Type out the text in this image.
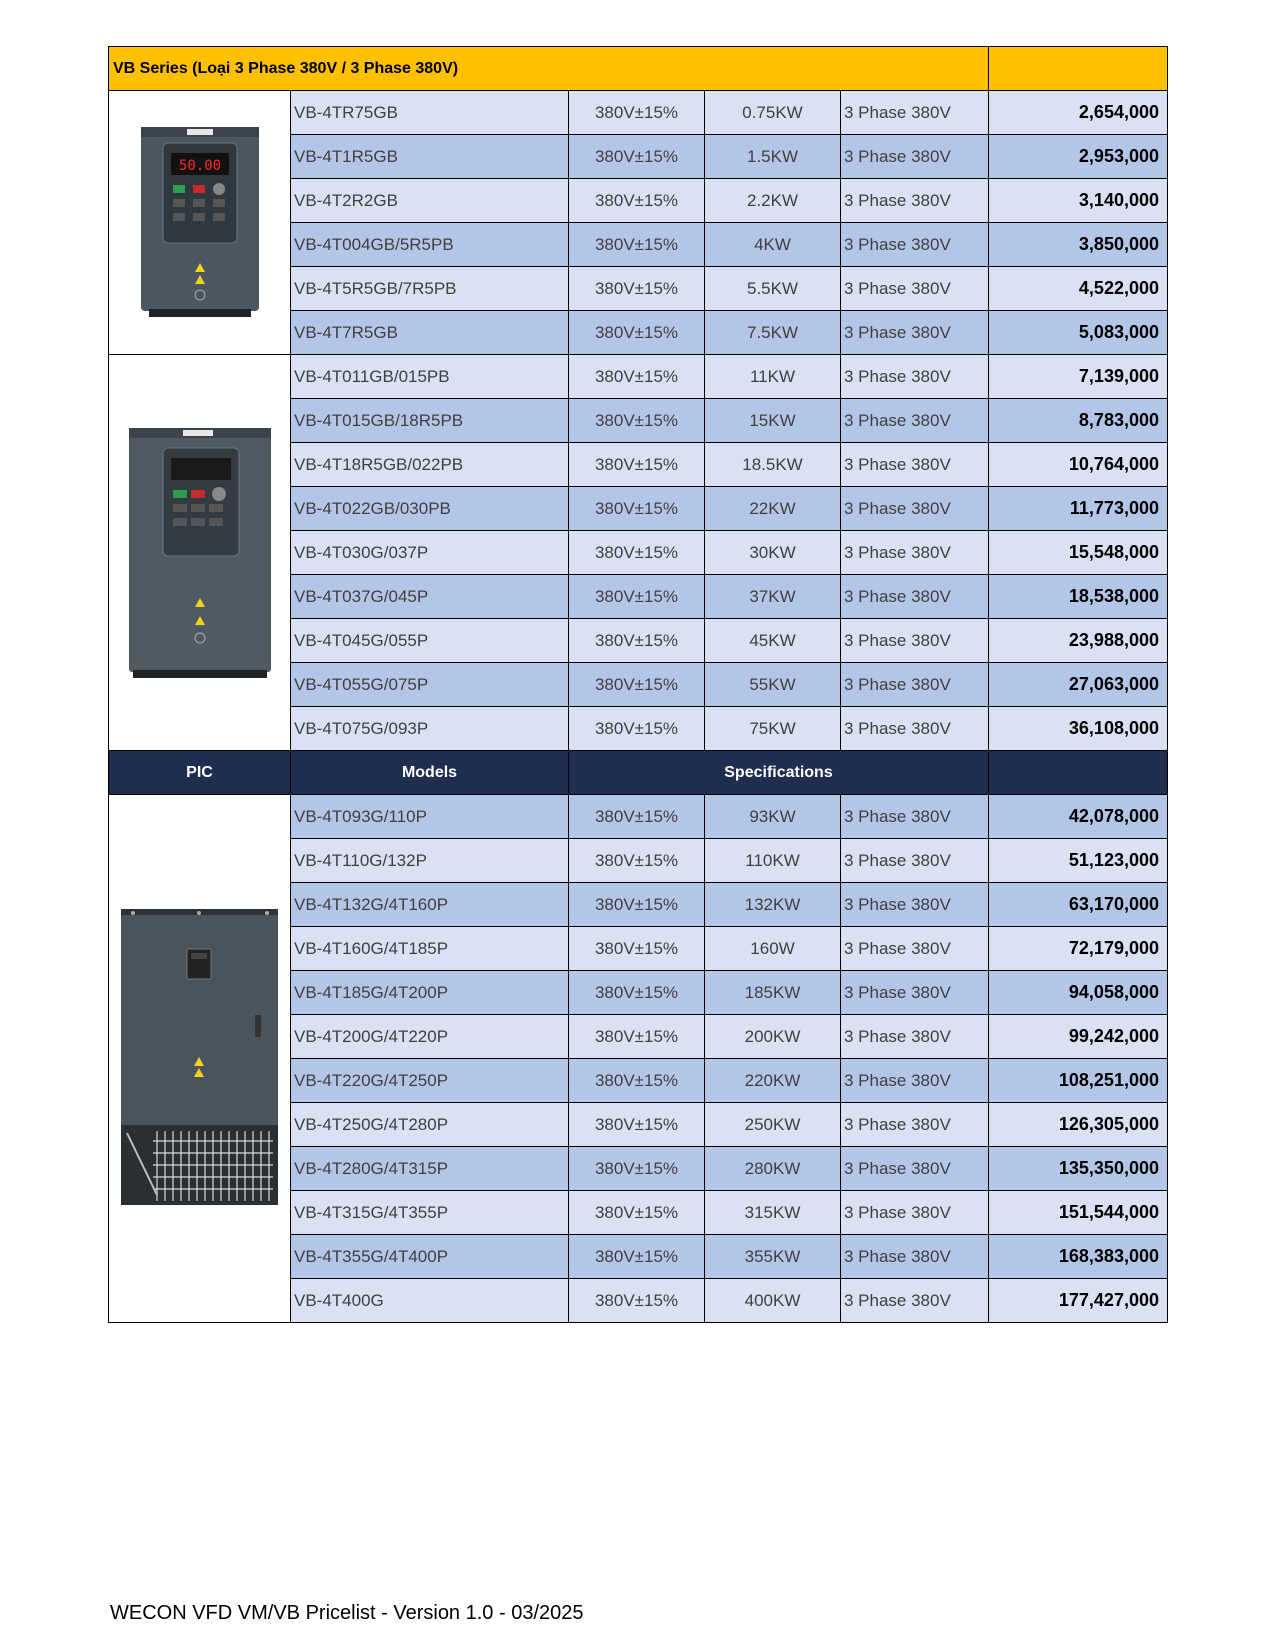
VB Series (Loại 3 Phase 380V / 3 Phase 380V)					

50.00	VB-4TR75GB	380V±15%	0.75KW	3 Phase 380V	2,654,000
	VB-4T1R5GB	380V±15%	1.5KW	3 Phase 380V	2,953,000
	VB-4T2R2GB	380V±15%	2.2KW	3 Phase 380V	3,140,000
	VB-4T004GB/5R5PB	380V±15%	4KW	3 Phase 380V	3,850,000
	VB-4T5R5GB/7R5PB	380V±15%	5.5KW	3 Phase 380V	4,522,000
	VB-4T7R5GB	380V±15%	7.5KW	3 Phase 380V	5,083,000

	VB-4T011GB/015PB	380V±15%	11KW	3 Phase 380V	7,139,000
	VB-4T015GB/18R5PB	380V±15%	15KW	3 Phase 380V	8,783,000
	VB-4T18R5GB/022PB	380V±15%	18.5KW	3 Phase 380V	10,764,000
	VB-4T022GB/030PB	380V±15%	22KW	3 Phase 380V	11,773,000
	VB-4T030G/037P	380V±15%	30KW	3 Phase 380V	15,548,000
	VB-4T037G/045P	380V±15%	37KW	3 Phase 380V	18,538,000
	VB-4T045G/055P	380V±15%	45KW	3 Phase 380V	23,988,000
	VB-4T055G/075P	380V±15%	55KW	3 Phase 380V	27,063,000
	VB-4T075G/093P	380V±15%	75KW	3 Phase 380V	36,108,000
PIC	Models	Specifications			

	VB-4T093G/110P	380V±15%	93KW	3 Phase 380V	42,078,000
	VB-4T110G/132P	380V±15%	110KW	3 Phase 380V	51,123,000
	VB-4T132G/4T160P	380V±15%	132KW	3 Phase 380V	63,170,000
	VB-4T160G/4T185P	380V±15%	160W	3 Phase 380V	72,179,000
	VB-4T185G/4T200P	380V±15%	185KW	3 Phase 380V	94,058,000
	VB-4T200G/4T220P	380V±15%	200KW	3 Phase 380V	99,242,000
	VB-4T220G/4T250P	380V±15%	220KW	3 Phase 380V	108,251,000
	VB-4T250G/4T280P	380V±15%	250KW	3 Phase 380V	126,305,000
	VB-4T280G/4T315P	380V±15%	280KW	3 Phase 380V	135,350,000
	VB-4T315G/4T355P	380V±15%	315KW	3 Phase 380V	151,544,000
	VB-4T355G/4T400P	380V±15%	355KW	3 Phase 380V	168,383,000
	VB-4T400G	380V±15%	400KW	3 Phase 380V	177,427,000
WECON VFD VM/VB Pricelist - Version 1.0 - 03/2025
